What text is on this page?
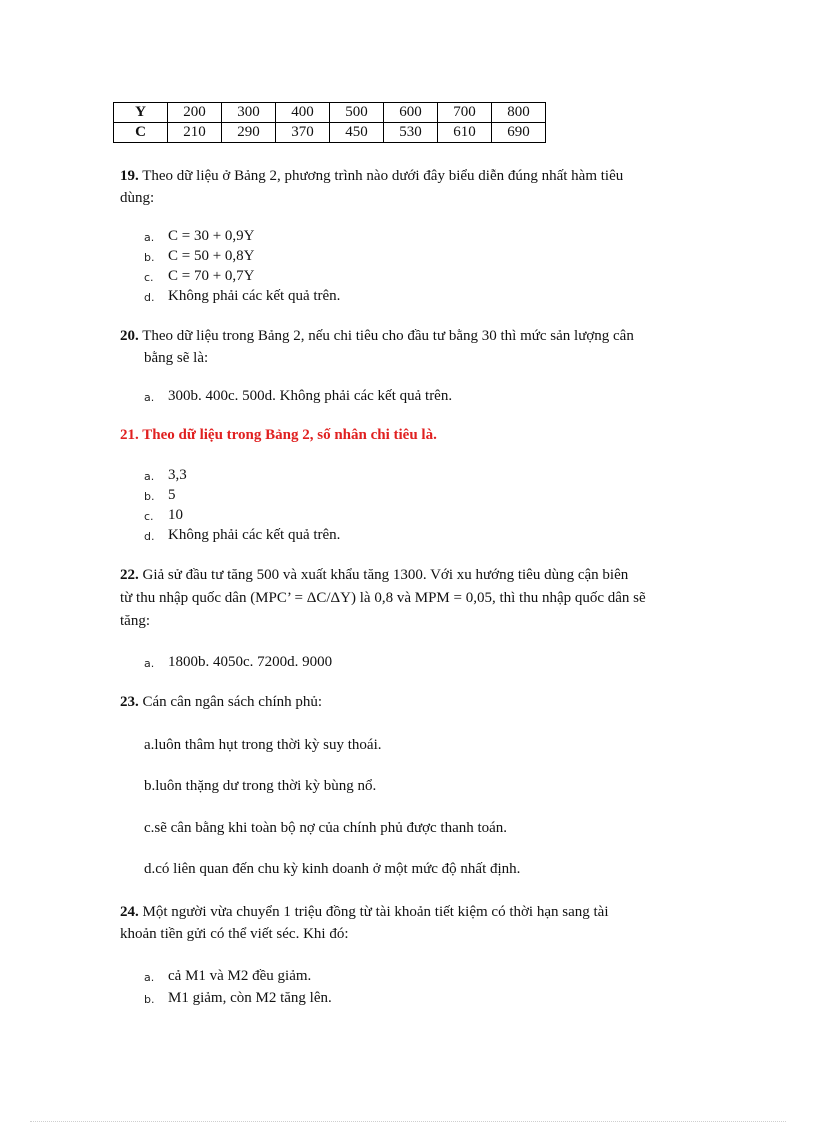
Y	200	300	400	500	600	700	800
C	210	290	370	450	530	610	690
19. Theo dữ liệu ở Bảng 2, phương trình nào dưới đây biểu diễn đúng nhất hàm tiêu
dùng:
a. C = 30 + 0,9Y
b. C = 50 + 0,8Y
c. C = 70 + 0,7Y
d. Không phải các kết quả trên.
20. Theo dữ liệu trong Bảng 2, nếu chi tiêu cho đầu tư bằng 30 thì mức sản lượng cân
bằng sẽ là:
a. 300b. 400c. 500d. Không phải các kết quả trên.
21. Theo dữ liệu trong Bảng 2, số nhân chi tiêu là.
a. 3,3
b. 5
c. 10
d. Không phải các kết quả trên.
22. Giả sử đầu tư tăng 500 và xuất khẩu tăng 1300. Với xu hướng tiêu dùng cận biên
từ thu nhập quốc dân (MPC’ = ΔC/ΔY) là 0,8 và MPM = 0,05, thì thu nhập quốc dân sẽ
tăng:
a. 1800b. 4050c. 7200d. 9000
23. Cán cân ngân sách chính phủ:
a.luôn thâm hụt trong thời kỳ suy thoái.
b.luôn thặng dư trong thời kỳ bùng nổ.
c.sẽ cân bằng khi toàn bộ nợ của chính phủ được thanh toán.
d.có liên quan đến chu kỳ kinh doanh ở một mức độ nhất định.
24. Một người vừa chuyển 1 triệu đồng từ tài khoản tiết kiệm có thời hạn sang tài
khoản tiền gửi có thể viết séc. Khi đó:
a. cả M1 và M2 đều giảm.
b. M1 giảm, còn M2 tăng lên.
